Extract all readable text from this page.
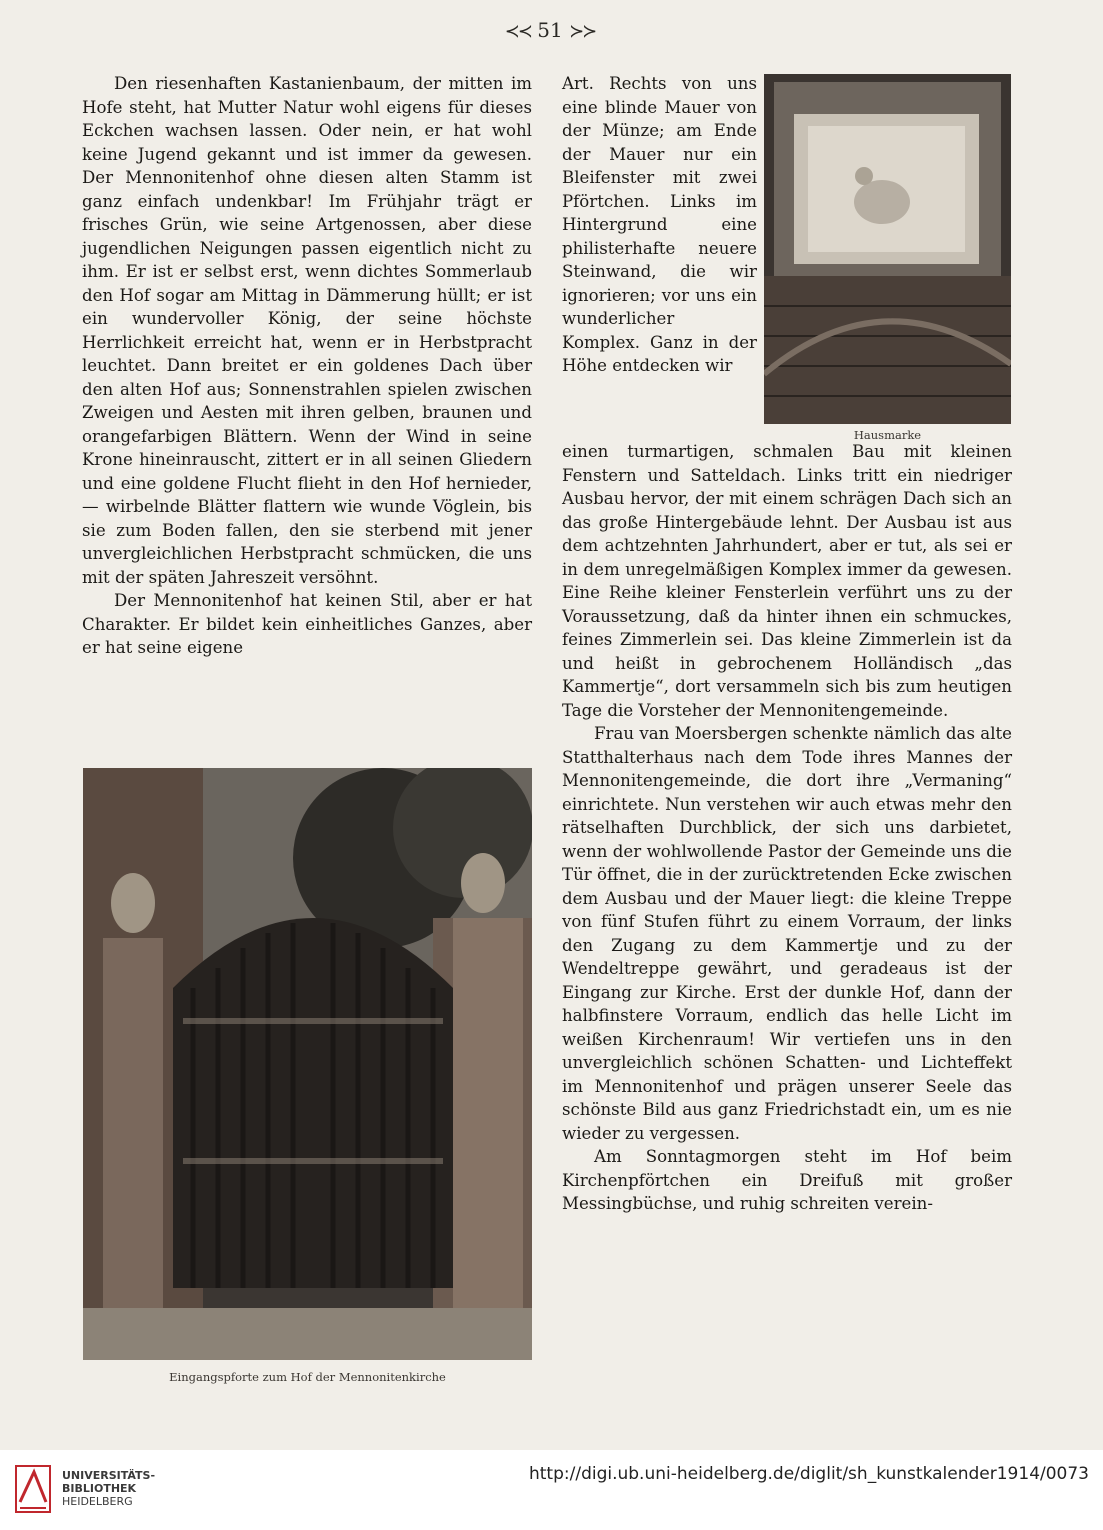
≺≺ 51 ≻≻

Den riesenhaften Kastanienbaum, der mitten im Hofe steht, hat Mutter Natur wohl eigens für dieses Eckchen wachsen lassen. Oder nein, er hat wohl keine Jugend gekannt und ist immer da gewesen. Der Mennonitenhof ohne diesen alten Stamm ist ganz einfach undenkbar! Im Frühjahr trägt er frisches Grün, wie seine Artgenossen, aber diese jugendlichen Neigungen passen eigentlich nicht zu ihm. Er ist er selbst erst, wenn dichtes Sommerlaub den Hof sogar am Mittag in Dämmerung hüllt; er ist ein wundervoller König, der seine höchste Herrlichkeit erreicht hat, wenn er in Herbstpracht leuchtet. Dann breitet er ein goldenes Dach über den alten Hof aus; Sonnenstrahlen spielen zwischen Zweigen und Aesten mit ihren gelben, braunen und orangefarbigen Blättern. Wenn der Wind in seine Krone hineinrauscht, zittert er in all seinen Gliedern und eine goldene Flucht flieht in den Hof hernieder, — wirbelnde Blätter flattern wie wunde Vöglein, bis sie zum Boden fallen, den sie sterbend mit jener unvergleichlichen Herbstpracht schmücken, die uns mit der späten Jahreszeit versöhnt.

Der Mennonitenhof hat keinen Stil, aber er hat Charakter. Er bildet kein einheitliches Ganzes, aber er hat seine eigene

Art. Rechts von uns eine blinde Mauer von der Münze; am Ende der Mauer nur ein Bleifenster mit zwei Pförtchen. Links im Hintergrund eine philisterhafte neuere Steinwand, die wir ignorieren; vor uns ein wunderlicher Komplex. Ganz in der Höhe entdecken wir

Hausmarke

einen turmartigen, schmalen Bau mit kleinen Fenstern und Satteldach. Links tritt ein niedriger Ausbau hervor, der mit einem schrägen Dach sich an das große Hintergebäude lehnt. Der Ausbau ist aus dem achtzehnten Jahrhundert, aber er tut, als sei er in dem unregelmäßigen Komplex immer da gewesen. Eine Reihe kleiner Fensterlein verführt uns zu der Voraussetzung, daß da hinter ihnen ein schmuckes, feines Zimmerlein sei. Das kleine Zimmerlein ist da und heißt in gebrochenem Holländisch „das Kammertje“, dort versammeln sich bis zum heutigen Tage die Vorsteher der Mennonitengemeinde.

Frau van Moersbergen schenkte nämlich das alte Statthalterhaus nach dem Tode ihres Mannes der Mennonitengemeinde, die dort ihre „Vermaning“ einrichtete. Nun verstehen wir auch etwas mehr den rätselhaften Durchblick, der sich uns darbietet, wenn der wohlwollende Pastor der Gemeinde uns die Tür öffnet, die in der zurücktretenden Ecke zwischen dem Ausbau und der Mauer liegt: die kleine Treppe von fünf Stufen führt zu einem Vorraum, der links den Zugang zu dem Kammertje und zu der Wendeltreppe gewährt, und geradeaus ist der Eingang zur Kirche. Erst der dunkle Hof, dann der halbfinstere Vorraum, endlich das helle Licht im weißen Kirchenraum! Wir vertiefen uns in den unvergleichlich schönen Schatten- und Lichteffekt im Mennonitenhof und prägen unserer Seele das schönste Bild aus ganz Friedrichstadt ein, um es nie wieder zu vergessen.

Am Sonntagmorgen steht im Hof beim Kirchenpförtchen ein Dreifuß mit großer Messingbüchse, und ruhig schreiten verein-

Eingangspforte zum Hof der Mennonitenkirche
UNIVERSITÄTS-
BIBLIOTHEK
HEIDELBERG
http://digi.ub.uni-heidelberg.de/diglit/sh_kunstkalender1914/0073
